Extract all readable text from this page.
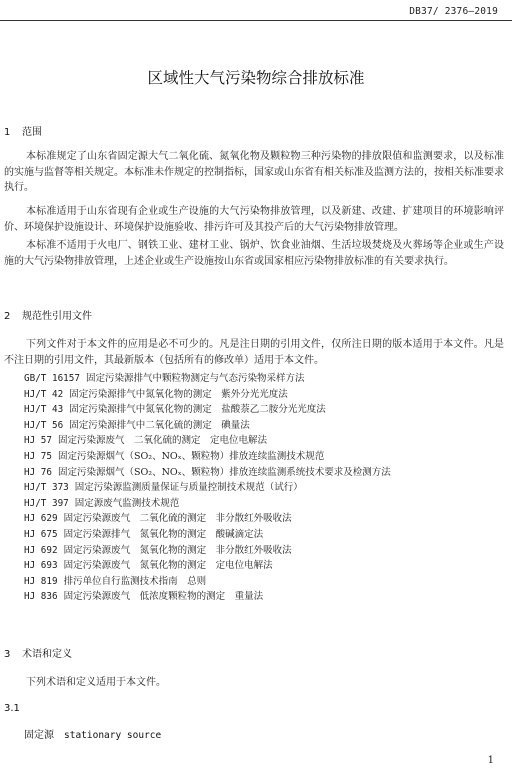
DB37/ 2376—2019
区域性大气污染物综合排放标准
1 范围
本标准规定了山东省固定源大气二氧化硫、氮氧化物及颗粒物三种污染物的排放限值和监测要求，以及标准的实施与监督等相关规定。本标准未作规定的控制指标，国家或山东省有相关标准及监测方法的，按相关标准要求执行。
本标准适用于山东省现有企业或生产设施的大气污染物排放管理，以及新建、改建、扩建项目的环境影响评价、环境保护设施设计、环境保护设施验收、排污许可及其投产后的大气污染物排放管理。
本标准不适用于火电厂、钢铁工业、建材工业、锅炉、饮食业油烟、生活垃圾焚烧及火葬场等企业或生产设施的大气污染物排放管理，上述企业或生产设施按山东省或国家相应污染物排放标准的有关要求执行。
2 规范性引用文件
下列文件对于本文件的应用是必不可少的。凡是注日期的引用文件，仅所注日期的版本适用于本文件。凡是不注日期的引用文件，其最新版本（包括所有的修改单）适用于本文件。
GB/T 16157 固定污染源排气中颗粒物测定与气态污染物采样方法
HJ/T 42 固定污染源排气中氮氧化物的测定　紫外分光光度法
HJ/T 43 固定污染源排气中氮氧化物的测定　盐酸萘乙二胺分光光度法
HJ/T 56 固定污染源排气中二氧化硫的测定　碘量法
HJ 57 固定污染源废气　二氧化硫的测定　定电位电解法
HJ 75 固定污染源烟气（SO₂、NOₓ、颗粒物）排放连续监测技术规范
HJ 76 固定污染源烟气（SO₂、NOₓ、颗粒物）排放连续监测系统技术要求及检测方法
HJ/T 373 固定污染源监测质量保证与质量控制技术规范（试行）
HJ/T 397 固定源废气监测技术规范
HJ 629 固定污染源废气　二氧化硫的测定　非分散红外吸收法
HJ 675 固定污染源排气　氮氧化物的测定　酸碱滴定法
HJ 692 固定污染源废气　氮氧化物的测定　非分散红外吸收法
HJ 693 固定污染源废气　氮氧化物的测定　定电位电解法
HJ 819 排污单位自行监测技术指南　总则
HJ 836 固定污染源废气　低浓度颗粒物的测定　重量法
3 术语和定义
下列术语和定义适用于本文件。
3.1
固定源 stationary source
1
